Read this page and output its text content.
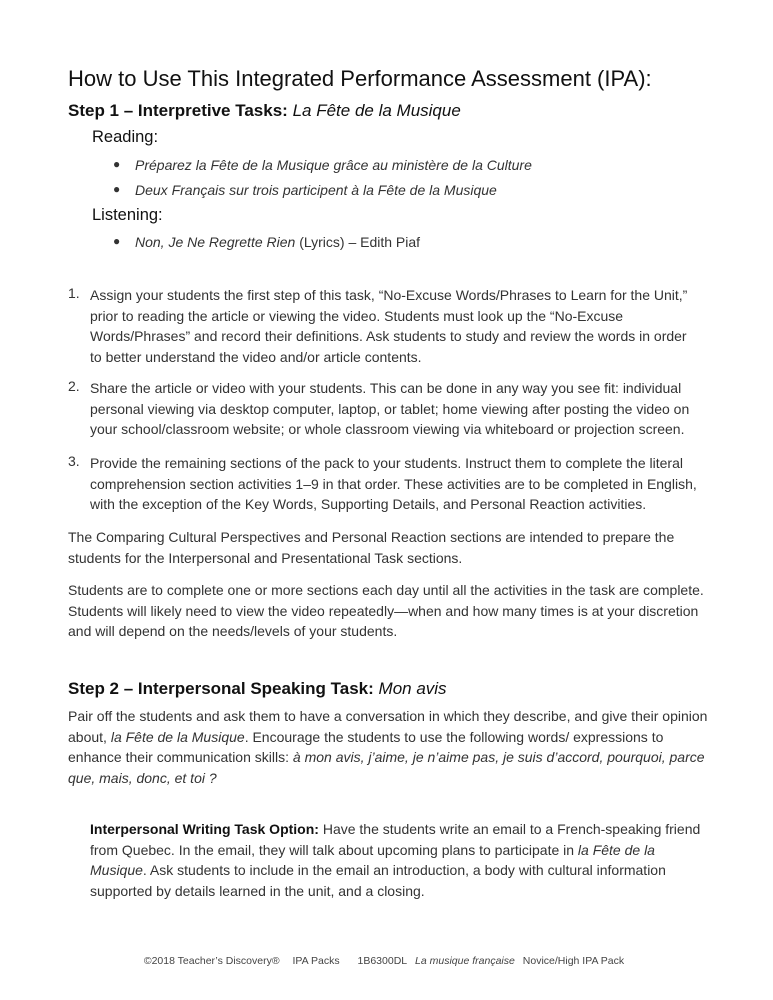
How to Use This Integrated Performance Assessment (IPA):
Step 1 – Interpretive Tasks: La Fête de la Musique
Reading:
● Préparez la Fête de la Musique grâce au ministère de la Culture
● Deux Français sur trois participent à la Fête de la Musique
Listening:
● Non, Je Ne Regrette Rien (Lyrics) – Edith Piaf
1. Assign your students the first step of this task, “No-Excuse Words/Phrases to Learn for the Unit,” prior to reading the article or viewing the video. Students must look up the “No-Excuse Words/Phrases” and record their definitions. Ask students to study and review the words in order to better understand the video and/or article contents.
2. Share the article or video with your students. This can be done in any way you see fit: individual personal viewing via desktop computer, laptop, or tablet; home viewing after posting the video on your school/classroom website; or whole classroom viewing via whiteboard or projection screen.
3. Provide the remaining sections of the pack to your students. Instruct them to complete the literal comprehension section activities 1–9 in that order. These activities are to be completed in English, with the exception of the Key Words, Supporting Details, and Personal Reaction activities.
The Comparing Cultural Perspectives and Personal Reaction sections are intended to prepare the students for the Interpersonal and Presentational Task sections.
Students are to complete one or more sections each day until all the activities in the task are complete. Students will likely need to view the video repeatedly—when and how many times is at your discretion and will depend on the needs/levels of your students.
Step 2 – Interpersonal Speaking Task: Mon avis
Pair off the students and ask them to have a conversation in which they describe, and give their opinion about, la Fête de la Musique. Encourage the students to use the following words/ expressions to enhance their communication skills: à mon avis, j’aime, je n’aime pas, je suis d’accord, pourquoi, parce que, mais, donc, et toi ?
Interpersonal Writing Task Option: Have the students write an email to a French-speaking friend from Quebec. In the email, they will talk about upcoming plans to participate in la Fête de la Musique. Ask students to include in the email an introduction, a body with cultural information supported by details learned in the unit, and a closing.
©2018 Teacher’s Discovery® IPA Packs 1B6300DL La musique française Novice/High IPA Pack
